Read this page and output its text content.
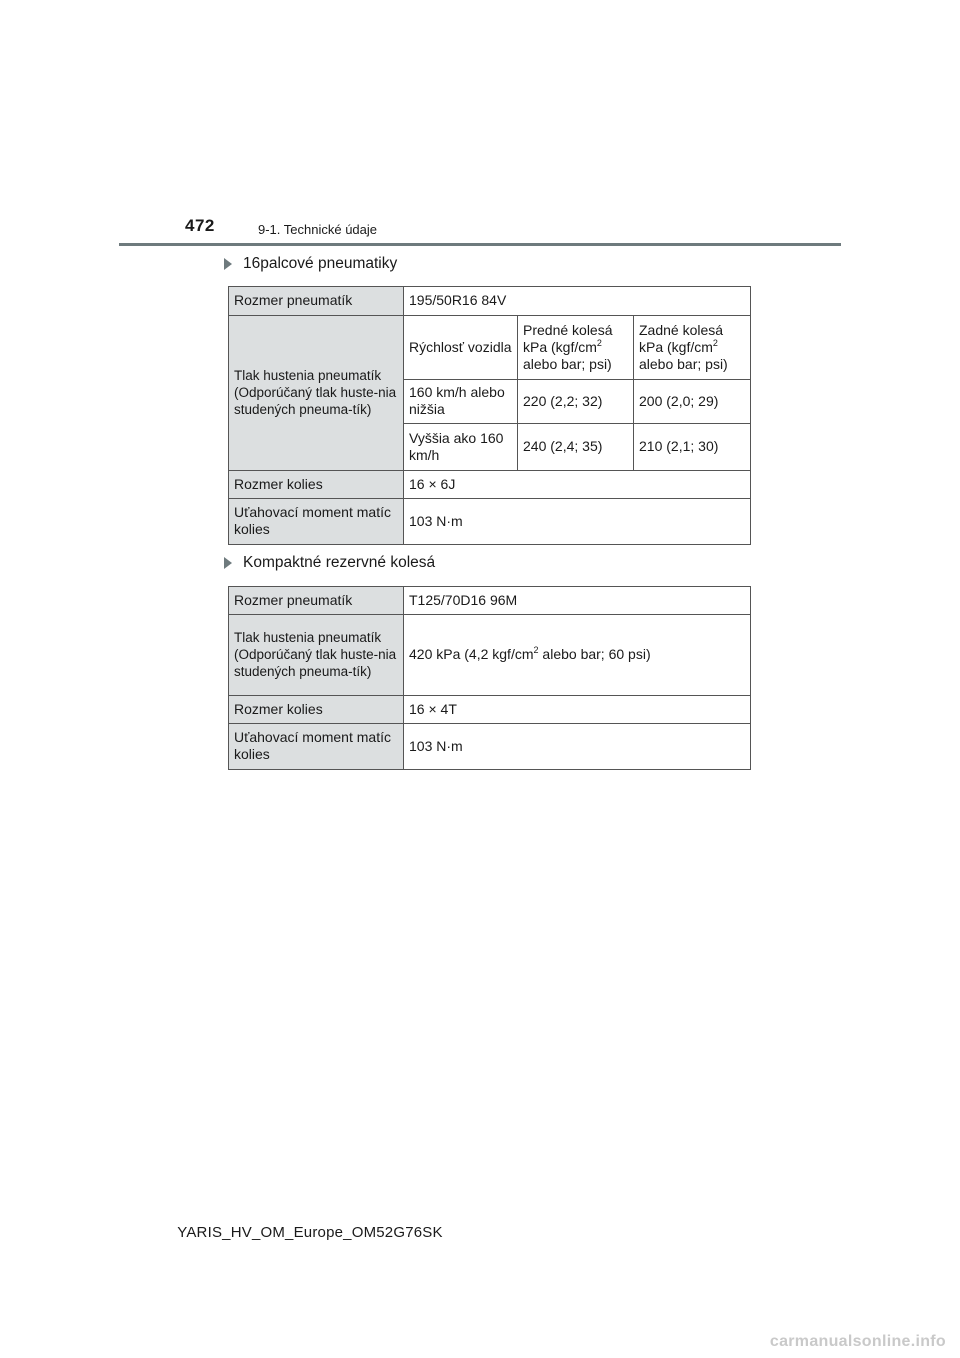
472	9-1. Technické údaje
16palcové pneumatiky
Rozmer pneumatík	195/50R16 84V		
Tlak hustenia pneumatík (Odporúčaný tlak huste-nia studených pneuma-tík)	Rýchlosť vozidla	Predné kolesá kPa ($kgf/cm^2$ alebo bar; psi)	Zadné kolesá kPa ($kgf/cm^2$ alebo bar; psi)
	160 km/h alebo nižšia	220 (2,2; 32)	200 (2,0; 29)
	Vyššia ako 160 km/h	240 (2,4; 35)	210 (2,1; 30)
Rozmer kolies	16 × 6J		
Uťahovací moment matíc kolies	103 N·m		
Kompaktné rezervné kolesá
Rozmer pneumatík	T125/70D16 96M
Tlak hustenia pneumatík (Odporúčaný tlak huste-nia studených pneuma-tík)	420 kPa (4,2 kgf/$cm^2$ alebo bar; 60 psi)
Rozmer kolies	16 × 4T
Uťahovací moment matíc kolies	103 N·m
YARIS_HV_OM_Europe_OM52G76SK
carmanualsonline.info
